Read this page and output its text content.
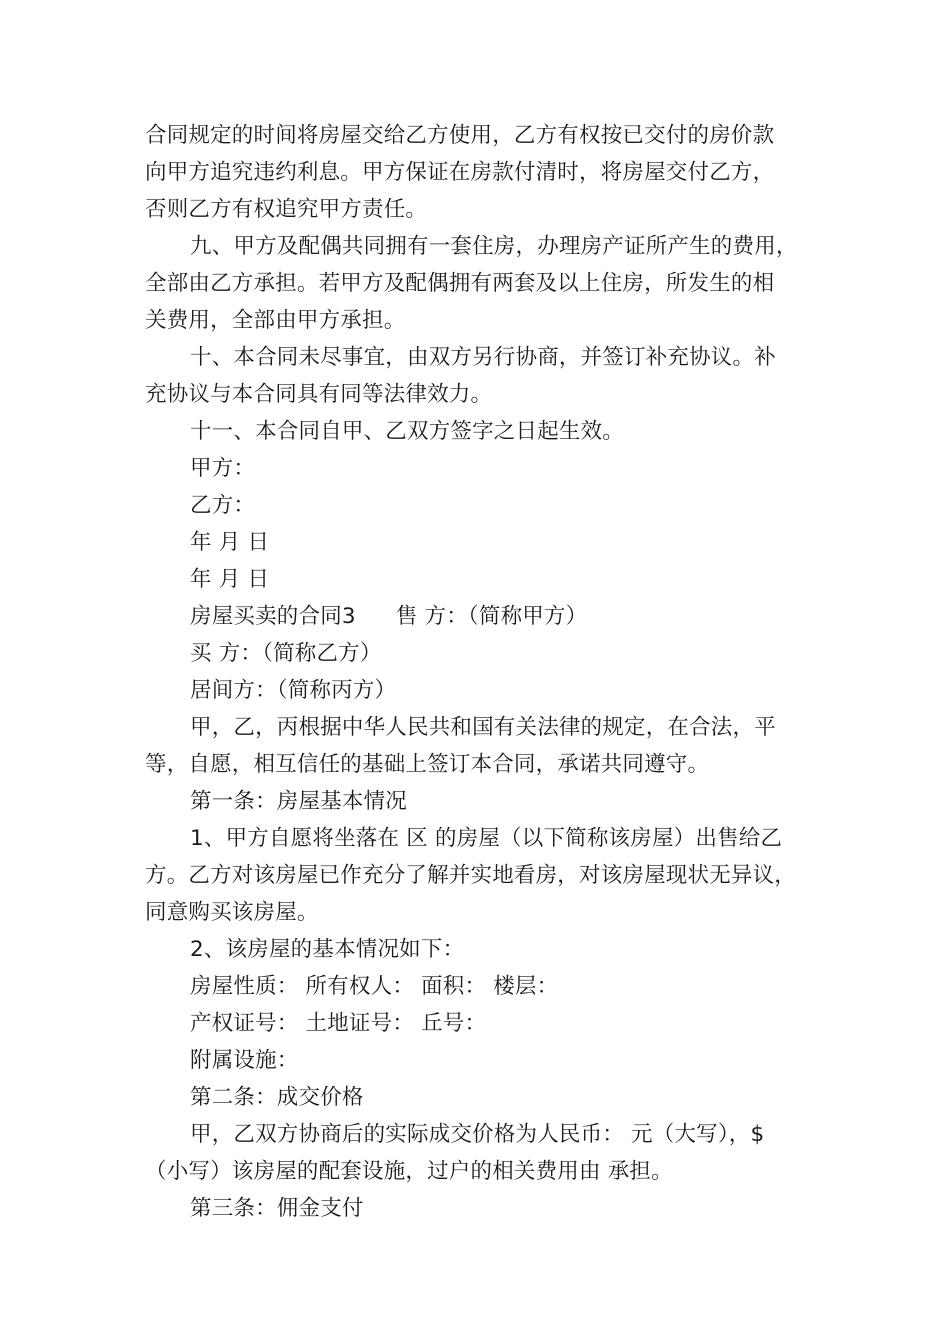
合同规定的时间将房屋交给乙方使用，乙方有权按已交付的房价款
向甲方追究违约利息。甲方保证在房款付清时，将房屋交付乙方，
否则乙方有权追究甲方责任。
九、甲方及配偶共同拥有一套住房，办理房产证所产生的费用，
全部由乙方承担。若甲方及配偶拥有两套及以上住房，所发生的相
关费用，全部由甲方承担。
十、本合同未尽事宜，由双方另行协商，并签订补充协议。补
充协议与本合同具有同等法律效力。
十一、本合同自甲、乙双方签字之日起生效。
甲方：
乙方：
年 月 日
年 月 日
房屋买卖的合同3 售 方：（简称甲方）
买 方：（简称乙方）
居间方：（简称丙方）
甲，乙，丙根据中华人民共和国有关法律的规定，在合法，平
等，自愿，相互信任的基础上签订本合同，承诺共同遵守。
第一条：房屋基本情况
1、甲方自愿将坐落在 区 的房屋（以下简称该房屋）出售给乙
方。乙方对该房屋已作充分了解并实地看房，对该房屋现状无异议，
同意购买该房屋。
2、该房屋的基本情况如下：
房屋性质： 所有权人： 面积： 楼层：
产权证号： 土地证号： 丘号：
附属设施：
第二条：成交价格
甲，乙双方协商后的实际成交价格为人民币： 元（大写），$
（小写）该房屋的配套设施，过户的相关费用由 承担。
第三条：佣金支付
